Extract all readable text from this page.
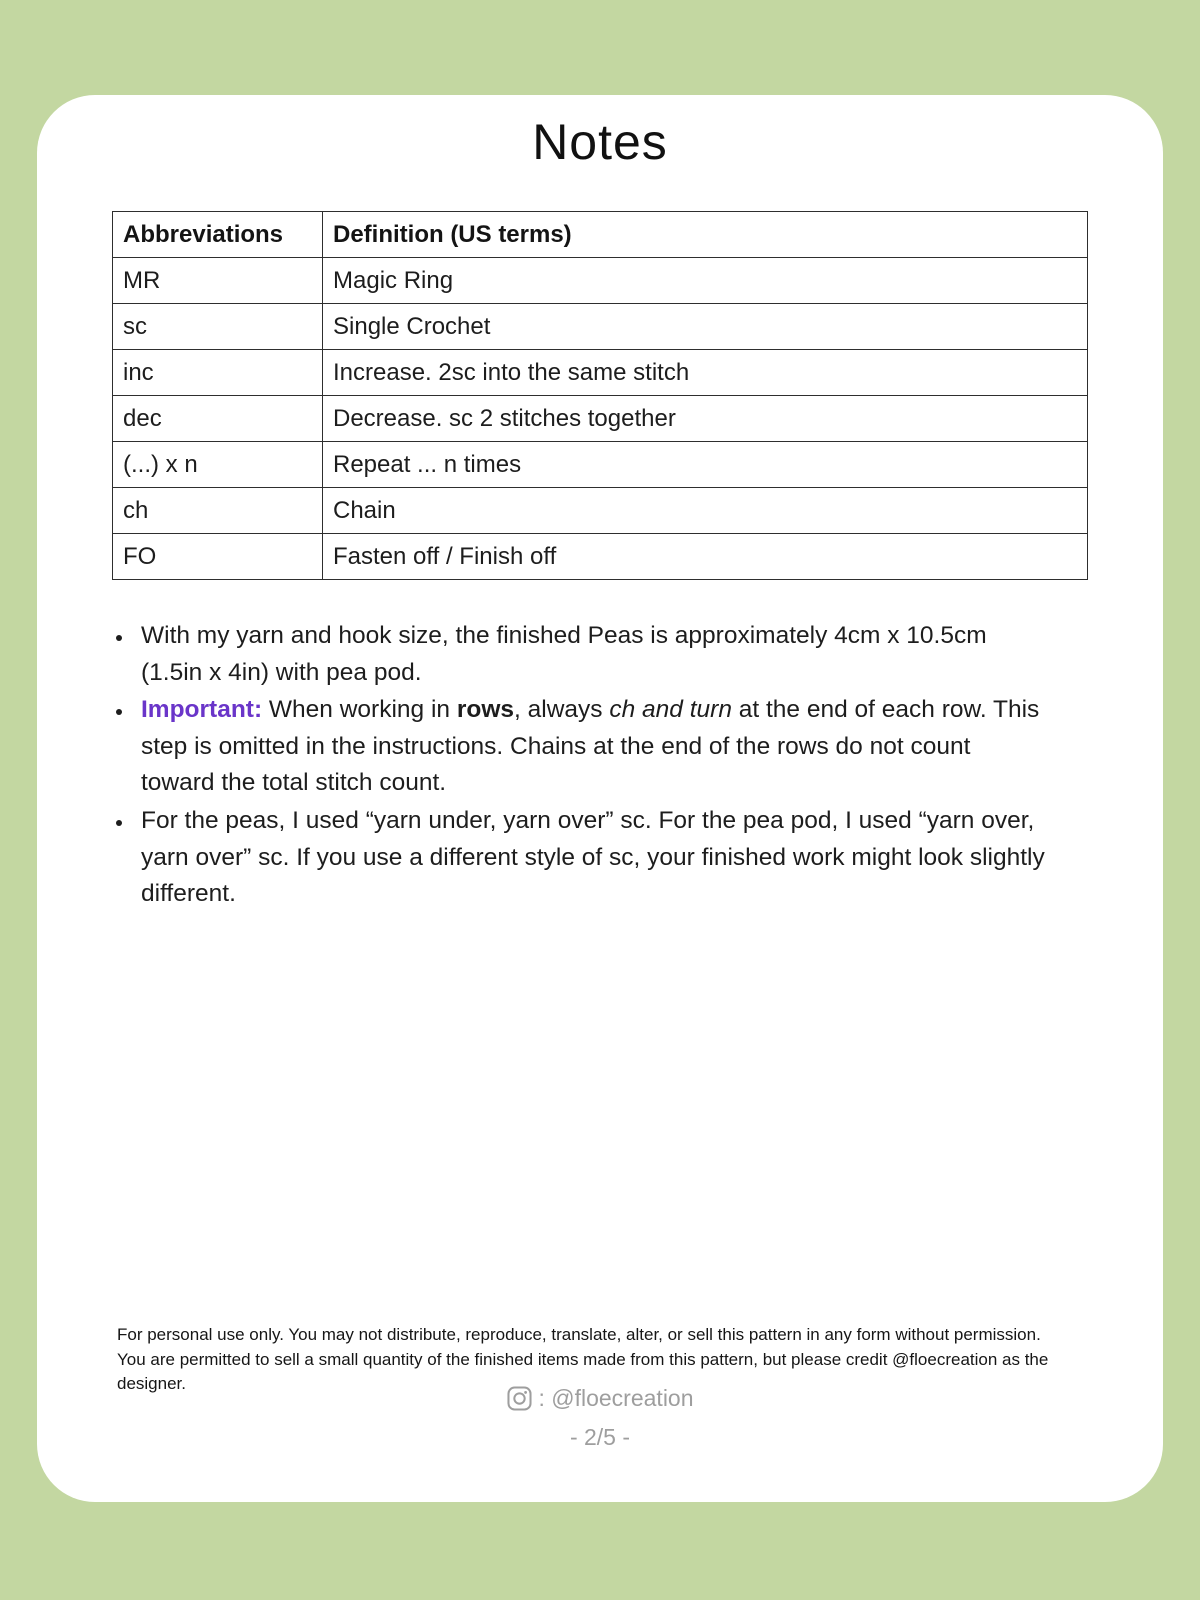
Notes
Abbreviations	Definition (US terms)
MR	Magic Ring
sc	Single Crochet
inc	Increase. 2sc into the same stitch
dec	Decrease. sc 2 stitches together
(...) x n	Repeat ... n times
ch	Chain
FO	Fasten off / Finish off
• With my yarn and hook size, the finished Peas is approximately 4cm x 10.5cm (1.5in x 4in) with pea pod.
• Important: When working in rows, always ch and turn at the end of each row. This step is omitted in the instructions. Chains at the end of the rows do not count toward the total stitch count.
• For the peas, I used “yarn under, yarn over” sc. For the pea pod, I used “yarn over, yarn over” sc. If you use a different style of sc, your finished work might look slightly different.

For personal use only. You may not distribute, reproduce, translate, alter, or sell this pattern in any form without permission. You are permitted to sell a small quantity of the finished items made from this pattern, but please credit @floecreation as the designer.

: @floecreation
- 2/5 -
